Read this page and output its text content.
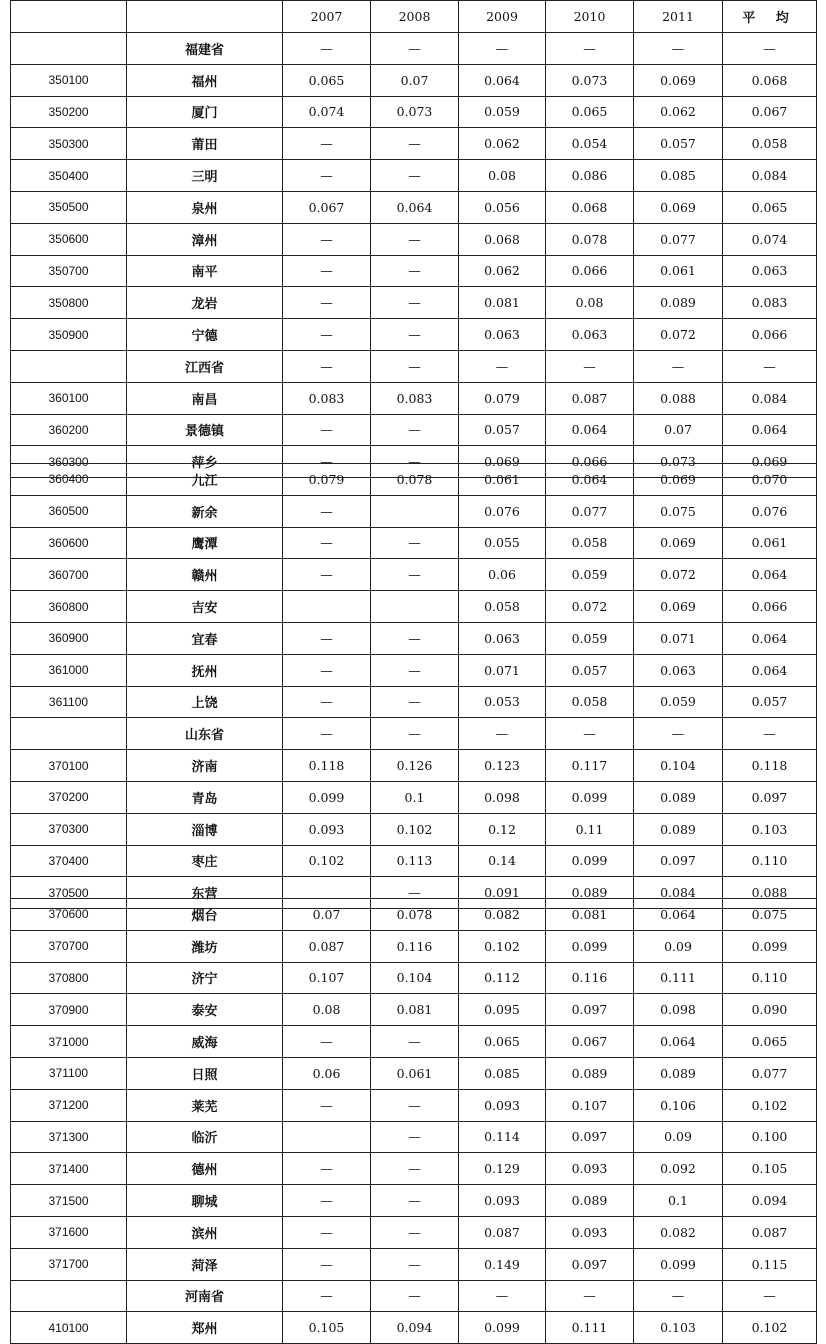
		2007	2008	2009	2010	2011	平 均
	福建省	—	—	—	—	—	—
350100	福州	0.065	0.07	0.064	0.073	0.069	0.068
350200	厦门	0.074	0.073	0.059	0.065	0.062	0.067
350300	莆田	—	—	0.062	0.054	0.057	0.058
350400	三明	—	—	0.08	0.086	0.085	0.084
350500	泉州	0.067	0.064	0.056	0.068	0.069	0.065
350600	漳州	—	—	0.068	0.078	0.077	0.074
350700	南平	—	—	0.062	0.066	0.061	0.063
350800	龙岩	—	—	0.081	0.08	0.089	0.083
350900	宁德	—	—	0.063	0.063	0.072	0.066
	江西省	—	—	—	—	—	—
360100	南昌	0.083	0.083	0.079	0.087	0.088	0.084
360200	景德镇	—	—	0.057	0.064	0.07	0.064
360300	萍乡	—	—	0.069	0.066	0.073	0.069
360400	九江	0.079	0.078	0.061	0.064	0.069	0.070
360500	新余	—		0.076	0.077	0.075	0.076
360600	鹰潭	—	—	0.055	0.058	0.069	0.061
360700	赣州	—	—	0.06	0.059	0.072	0.064
360800	吉安			0.058	0.072	0.069	0.066
360900	宜春	—	—	0.063	0.059	0.071	0.064
361000	抚州	—	—	0.071	0.057	0.063	0.064
361100	上饶	—	—	0.053	0.058	0.059	0.057
	山东省	—	—	—	—	—	—
370100	济南	0.118	0.126	0.123	0.117	0.104	0.118
370200	青岛	0.099	0.1	0.098	0.099	0.089	0.097
370300	淄博	0.093	0.102	0.12	0.11	0.089	0.103
370400	枣庄	0.102	0.113	0.14	0.099	0.097	0.110
370500	东营		—	0.091	0.089	0.084	0.088
370600	烟台	0.07	0.078	0.082	0.081	0.064	0.075
370700	潍坊	0.087	0.116	0.102	0.099	0.09	0.099
370800	济宁	0.107	0.104	0.112	0.116	0.111	0.110
370900	泰安	0.08	0.081	0.095	0.097	0.098	0.090
371000	威海	—	—	0.065	0.067	0.064	0.065
371100	日照	0.06	0.061	0.085	0.089	0.089	0.077
371200	莱芜	—	—	0.093	0.107	0.106	0.102
371300	临沂		—	0.114	0.097	0.09	0.100
371400	德州	—	—	0.129	0.093	0.092	0.105
371500	聊城	—	—	0.093	0.089	0.1	0.094
371600	滨州	—	—	0.087	0.093	0.082	0.087
371700	菏泽	—	—	0.149	0.097	0.099	0.115
	河南省	—	—	—	—	—	—
410100	郑州	0.105	0.094	0.099	0.111	0.103	0.102
